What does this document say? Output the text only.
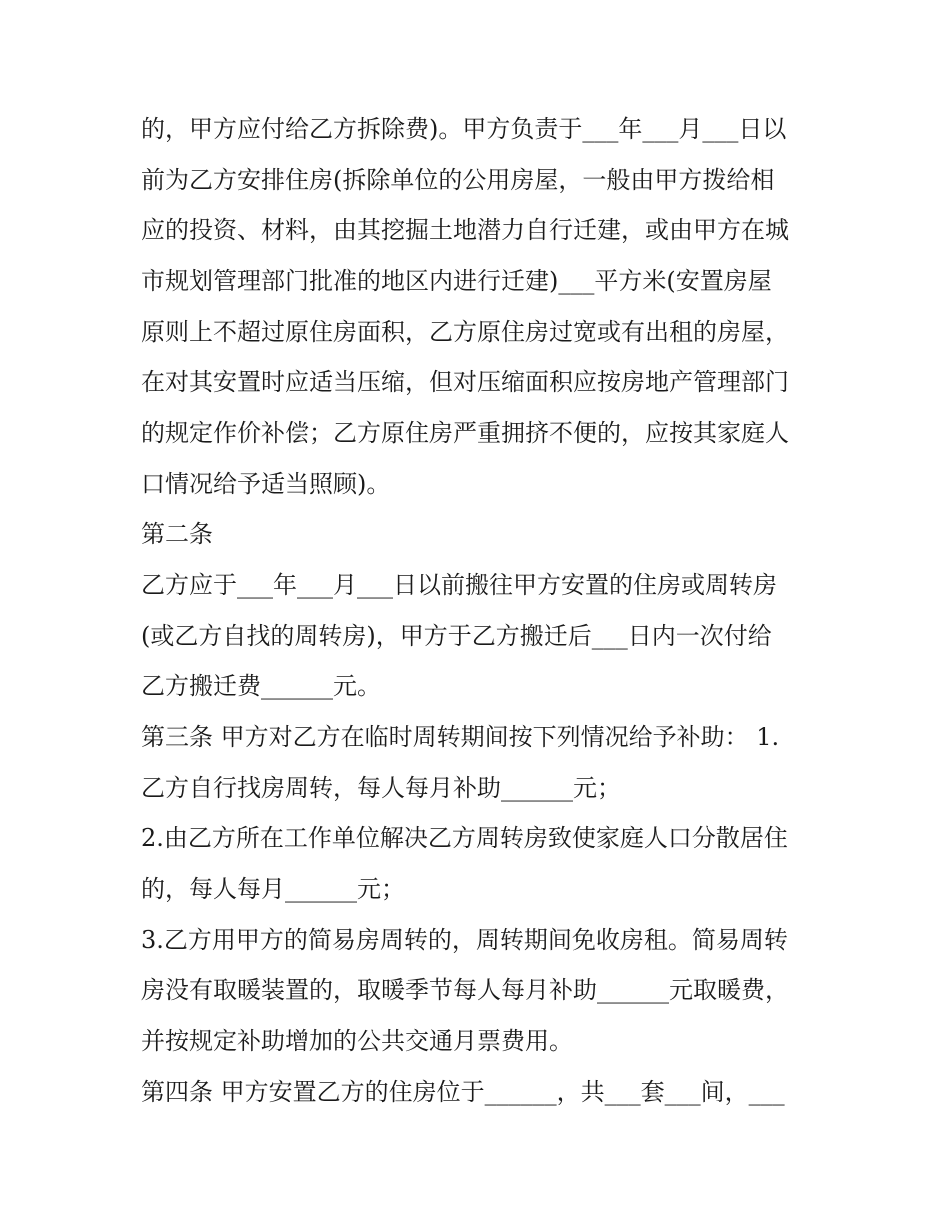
的，甲方应付给乙方拆除费)。甲方负责于___年___月___日以
前为乙方安排住房(拆除单位的公用房屋，一般由甲方拨给相
应的投资、材料，由其挖掘土地潜力自行迁建，或由甲方在城
市规划管理部门批准的地区内进行迁建)___平方米(安置房屋
原则上不超过原住房面积，乙方原住房过宽或有出租的房屋，
在对其安置时应适当压缩，但对压缩面积应按房地产管理部门
的规定作价补偿；乙方原住房严重拥挤不便的，应按其家庭人
口情况给予适当照顾)。
第二条
乙方应于___年___月___日以前搬往甲方安置的住房或周转房
(或乙方自找的周转房)，甲方于乙方搬迁后___日内一次付给
乙方搬迁费______元。
第三条 甲方对乙方在临时周转期间按下列情况给予补助： 1.
乙方自行找房周转，每人每月补助______元；
2.由乙方所在工作单位解决乙方周转房致使家庭人口分散居住
的，每人每月______元；
3.乙方用甲方的简易房周转的，周转期间免收房租。简易周转
房没有取暖装置的，取暖季节每人每月补助______元取暖费，
并按规定补助增加的公共交通月票费用。
第四条 甲方安置乙方的住房位于______，共___套___间，___
